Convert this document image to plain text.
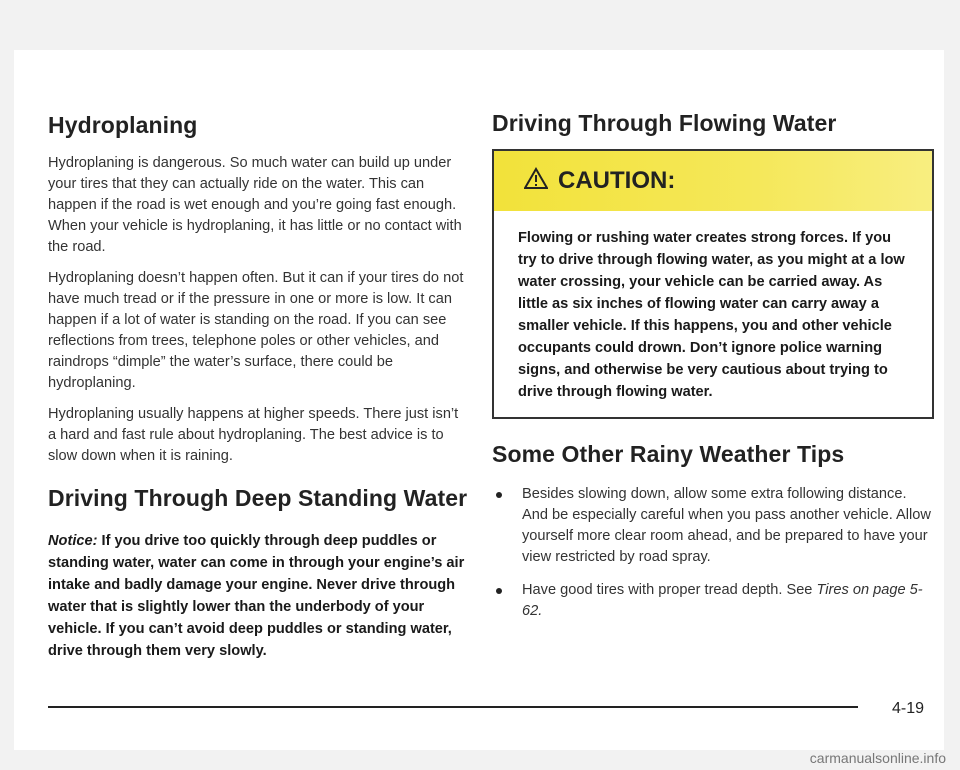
Hydroplaning

Hydroplaning is dangerous. So much water can build up under your tires that they can actually ride on the water. This can happen if the road is wet enough and you’re going fast enough. When your vehicle is hydroplaning, it has little or no contact with the road.

Hydroplaning doesn’t happen often. But it can if your tires do not have much tread or if the pressure in one or more is low. It can happen if a lot of water is standing on the road. If you can see reflections from trees, telephone poles or other vehicles, and raindrops “dimple” the water’s surface, there could be hydroplaning.

Hydroplaning usually happens at higher speeds. There just isn’t a hard and fast rule about hydroplaning. The best advice is to slow down when it is raining.

Driving Through Deep Standing Water
Notice: If you drive too quickly through deep puddles or standing water, water can come in through your engine’s air intake and badly damage your engine. Never drive through water that is slightly lower than the underbody of your vehicle. If you can’t avoid deep puddles or standing water, drive through them very slowly.
Driving Through Flowing Water
CAUTION:
Flowing or rushing water creates strong forces. If you try to drive through flowing water, as you might at a low water crossing, your vehicle can be carried away. As little as six inches of flowing water can carry away a smaller vehicle. If this happens, you and other vehicle occupants could drown. Don’t ignore police warning signs, and otherwise be very cautious about trying to drive through flowing water.
Some Other Rainy Weather Tips
Besides slowing down, allow some extra following distance. And be especially careful when you pass another vehicle. Allow yourself more clear room ahead, and be prepared to have your view restricted by road spray.
Have good tires with proper tread depth. See Tires on page 5-62.
4-19
carmanualsonline.info
